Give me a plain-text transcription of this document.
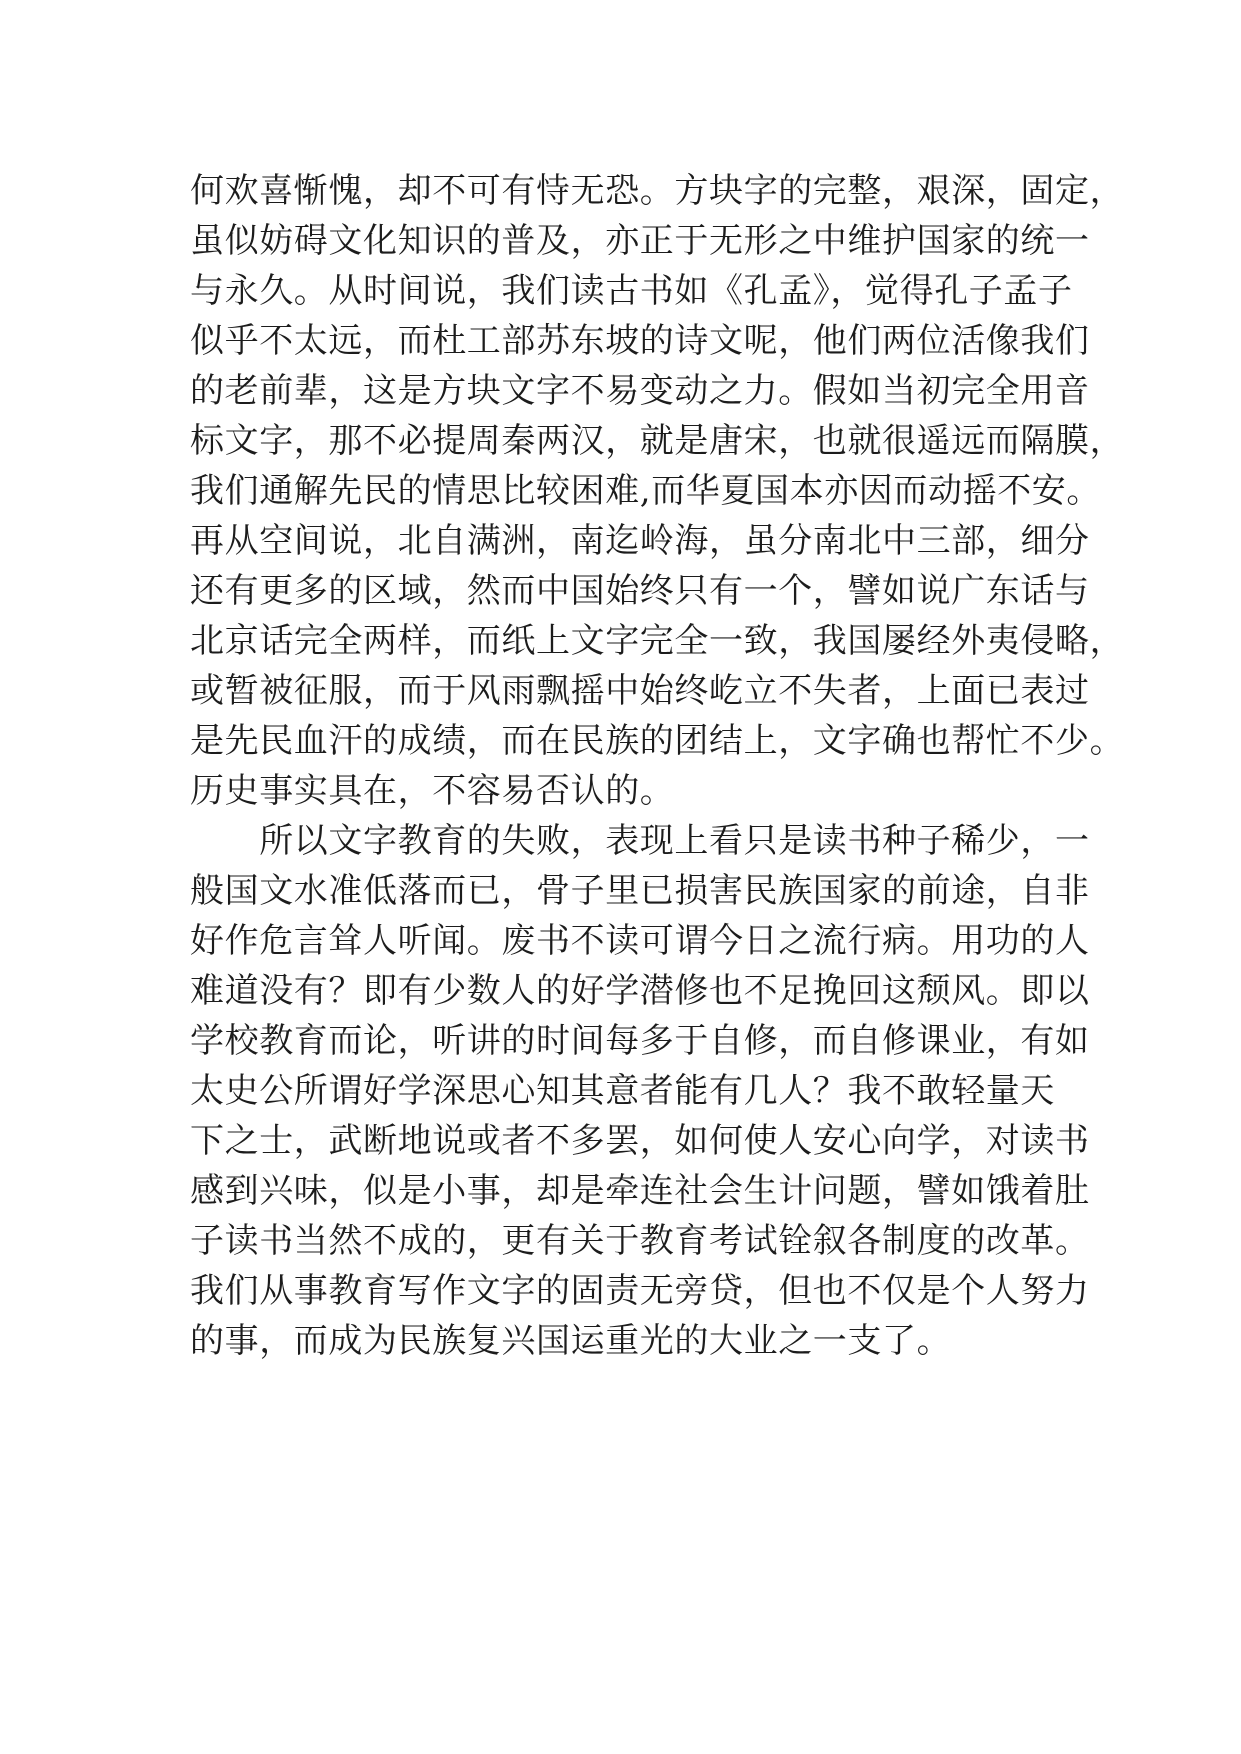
何欢喜惭愧，却不可有恃无恐。方块字的完整，艰深，固定，
虽似妨碍文化知识的普及，亦正于无形之中维护国家的统一
与永久。从时间说，我们读古书如《孔孟》，觉得孔子孟子
似乎不太远，而杜工部苏东坡的诗文呢，他们两位活像我们
的老前辈，这是方块文字不易变动之力。假如当初完全用音
标文字，那不必提周秦两汉，就是唐宋，也就很遥远而隔膜，
我们通解先民的情思比较困难,而华夏国本亦因而动摇不安。
再从空间说，北自满洲，南迄岭海，虽分南北中三部，细分
还有更多的区域，然而中国始终只有一个，譬如说广东话与
北京话完全两样，而纸上文字完全一致，我国屡经外夷侵略，
或暂被征服，而于风雨飘摇中始终屹立不失者，上面已表过
是先民血汗的成绩，而在民族的团结上，文字确也帮忙不少。
历史事实具在，不容易否认的。
　　所以文字教育的失败，表现上看只是读书种子稀少，一
般国文水准低落而已，骨子里已损害民族国家的前途，自非
好作危言耸人听闻。废书不读可谓今日之流行病。用功的人
难道没有？即有少数人的好学潜修也不足挽回这颓风。即以
学校教育而论，听讲的时间每多于自修，而自修课业，有如
太史公所谓好学深思心知其意者能有几人？我不敢轻量天
下之士，武断地说或者不多罢，如何使人安心向学，对读书
感到兴味，似是小事，却是牵连社会生计问题，譬如饿着肚
子读书当然不成的，更有关于教育考试铨叙各制度的改革。
我们从事教育写作文字的固责无旁贷，但也不仅是个人努力
的事，而成为民族复兴国运重光的大业之一支了。
